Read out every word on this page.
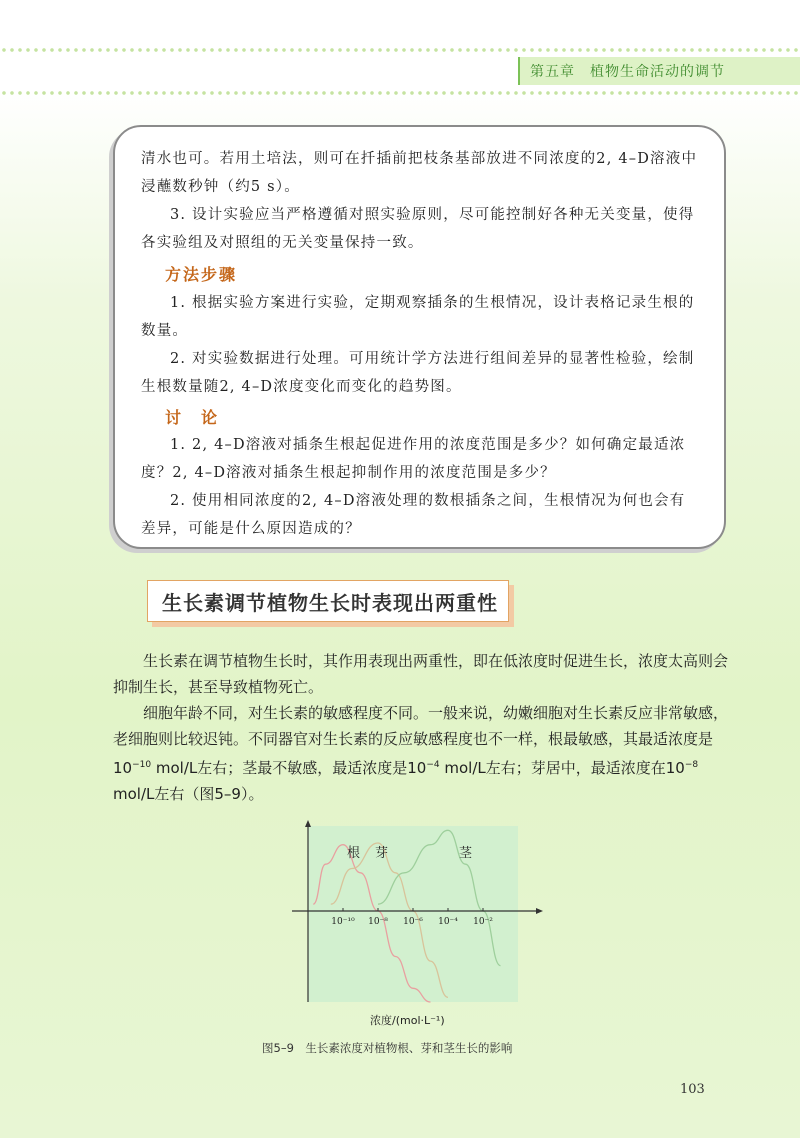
第五章　植物生命活动的调节

清水也可。若用土培法，则可在扦插前把枝条基部放进不同浓度的2, 4–D溶液中浸蘸数秒钟（约5 s）。

3. 设计实验应当严格遵循对照实验原则，尽可能控制好各种无关变量，使得各实验组及对照组的无关变量保持一致。

方法步骤

1. 根据实验方案进行实验，定期观察插条的生根情况，设计表格记录生根的数量。

2. 对实验数据进行处理。可用统计学方法进行组间差异的显著性检验，绘制生根数量随2, 4–D浓度变化而变化的趋势图。

讨　论

1. 2, 4–D溶液对插条生根起促进作用的浓度范围是多少？如何确定最适浓度？2, 4–D溶液对插条生根起抑制作用的浓度范围是多少？

2. 使用相同浓度的2, 4–D溶液处理的数根插条之间，生根情况为何也会有差异，可能是什么原因造成的？

生长素调节植物生长时表现出两重性

生长素在调节植物生长时，其作用表现出两重性，即在低浓度时促进生长，浓度太高则会抑制生长，甚至导致植物死亡。

细胞年龄不同，对生长素的敏感程度不同。一般来说，幼嫩细胞对生长素反应非常敏感，老细胞则比较迟钝。不同器官对生长素的反应敏感程度也不一样，根最敏感，其最适浓度是$10^{-10}$ mol/L左右；茎最不敏感，最适浓度是$10^{-4}$ mol/L左右；芽居中，最适浓度在$10^{-8}$ mol/L左右（图5–9）。

10⁻¹⁰ 10⁻⁸ 10⁻⁶ 10⁻⁴ 10⁻²
根 芽	茎
浓度/(mol·L⁻¹)
图5–9　生长素浓度对植物根、芽和茎生长的影响
103
